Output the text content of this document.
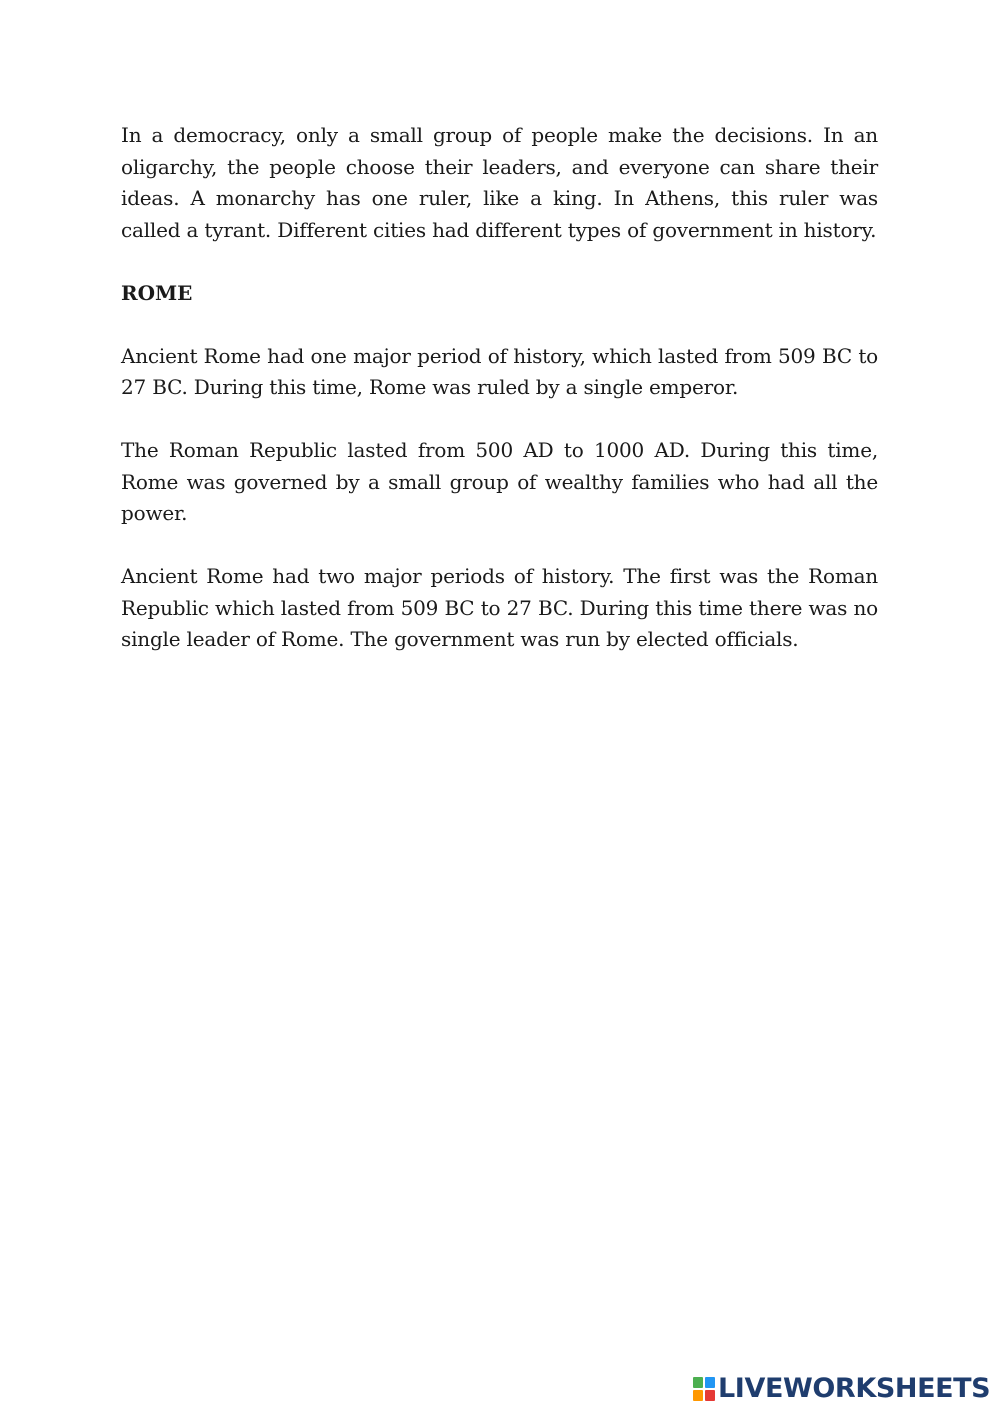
In a democracy, only a small group of people make the decisions. In an oligarchy, the people choose their leaders, and everyone can share their ideas. A monarchy has one ruler, like a king. In Athens, this ruler was called a tyrant. Different cities had different types of government in history.

ROME

Ancient Rome had one major period of history, which lasted from 509 BC to 27 BC. During this time, Rome was ruled by a single emperor.

The Roman Republic lasted from 500 AD to 1000 AD. During this time, Rome was governed by a small group of wealthy families who had all the power.

Ancient Rome had two major periods of history. The first was the Roman Republic which lasted from 509 BC to 27 BC. During this time there was no single leader of Rome. The government was run by elected officials.

LIVEWORKSHEETS
